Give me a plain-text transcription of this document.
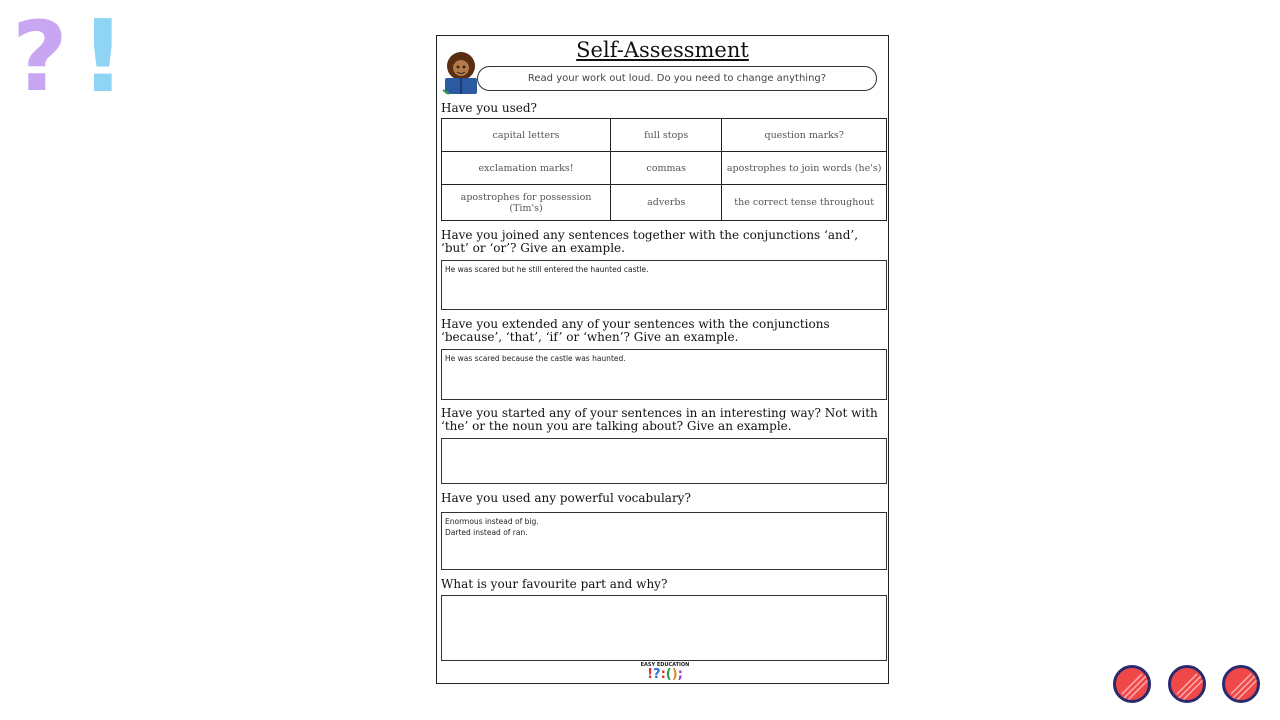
? !	Self-Assessment
Read your work out loud. Do you need to change anything?
Have you used?
capital letters	full stops	question marks?
exclamation marks!	commas	apostrophes to join words (he's)
apostrophes for possession (Tim's)	adverbs	the correct tense throughout
Have you joined any sentences together with the conjunctions ‘and’, ‘but’ or ‘or’? Give an example.
He was scared but he still entered the haunted castle.
Have you extended any of your sentences with the conjunctions ‘because’, ‘that’, ‘if’ or ‘when’? Give an example.
He was scared because the castle was haunted.
Have you started any of your sentences in an interesting way? Not with ‘the’ or the noun you are talking about? Give an example.
Have you used any powerful vocabulary?
Enormous instead of big.
Darted instead of ran.
What is your favourite part and why?
EASY EDUCATION
!?:();
